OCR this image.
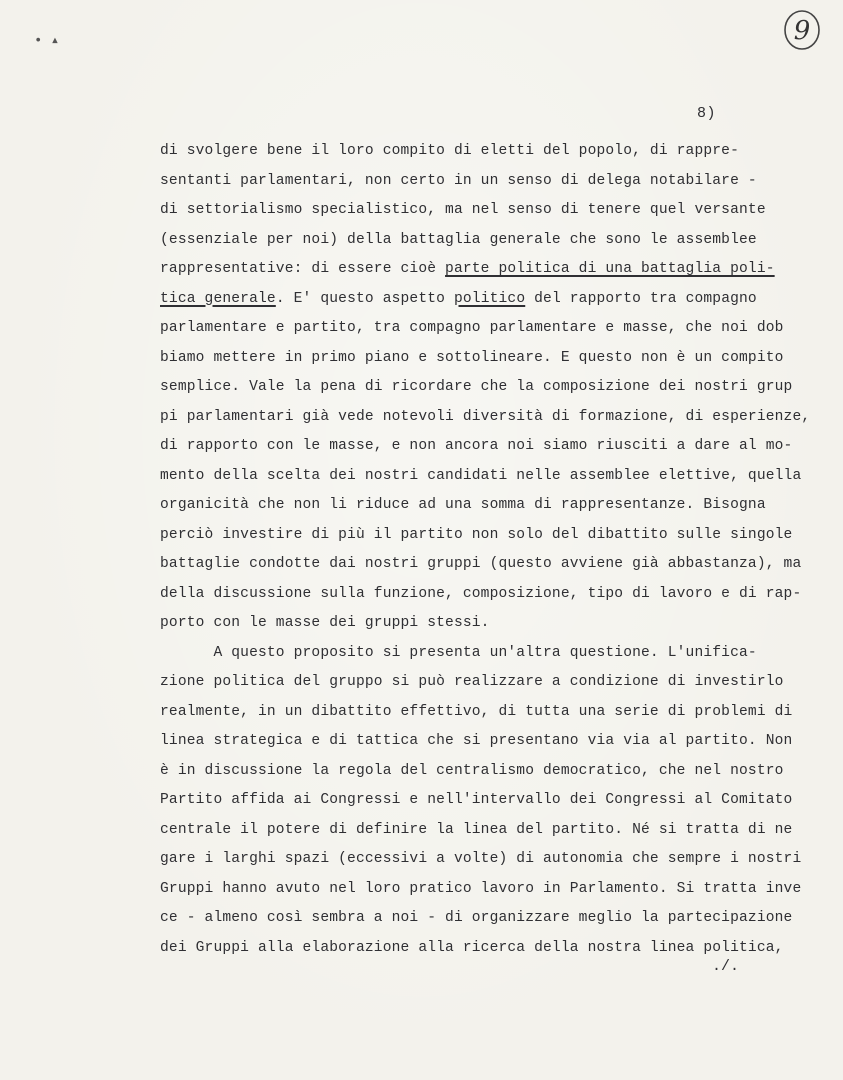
• ▴	9
8)
di svolgere bene il loro compito di eletti del popolo, di rappre-
sentanti parlamentari, non certo in un senso di delega notabilare -
di settorialismo specialistico, ma nel senso di tenere quel versante
(essenziale per noi) della battaglia generale che sono le assemblee
rappresentative: di essere cioè parte politica di una battaglia poli-
tica generale. E' questo aspetto politico del rapporto tra compagno
parlamentare e partito, tra compagno parlamentare e masse, che noi dob
biamo mettere in primo piano e sottolineare. E questo non è un compito
semplice. Vale la pena di ricordare che la composizione dei nostri grup
pi parlamentari già vede notevoli diversità di formazione, di esperienze,
di rapporto con le masse, e non ancora noi siamo riusciti a dare al mo-
mento della scelta dei nostri candidati nelle assemblee elettive, quella
organicità che non li riduce ad una somma di rappresentanze. Bisogna
perciò investire di più il partito non solo del dibattito sulle singole
battaglie condotte dai nostri gruppi (questo avviene già abbastanza), ma
della discussione sulla funzione, composizione, tipo di lavoro e di rap-
porto con le masse dei gruppi stessi.
A questo proposito si presenta un'altra questione. L'unifica-
zione politica del gruppo si può realizzare a condizione di investirlo
realmente, in un dibattito effettivo, di tutta una serie di problemi di
linea strategica e di tattica che si presentano via via al partito. Non
è in discussione la regola del centralismo democratico, che nel nostro
Partito affida ai Congressi e nell'intervallo dei Congressi al Comitato
centrale il potere di definire la linea del partito. Né si tratta di ne
gare i larghi spazi (eccessivi a volte) di autonomia che sempre i nostri
Gruppi hanno avuto nel loro pratico lavoro in Parlamento. Si tratta inve
ce - almeno così sembra a noi - di organizzare meglio la partecipazione
dei Gruppi alla elaborazione alla ricerca della nostra linea politica,
./.
